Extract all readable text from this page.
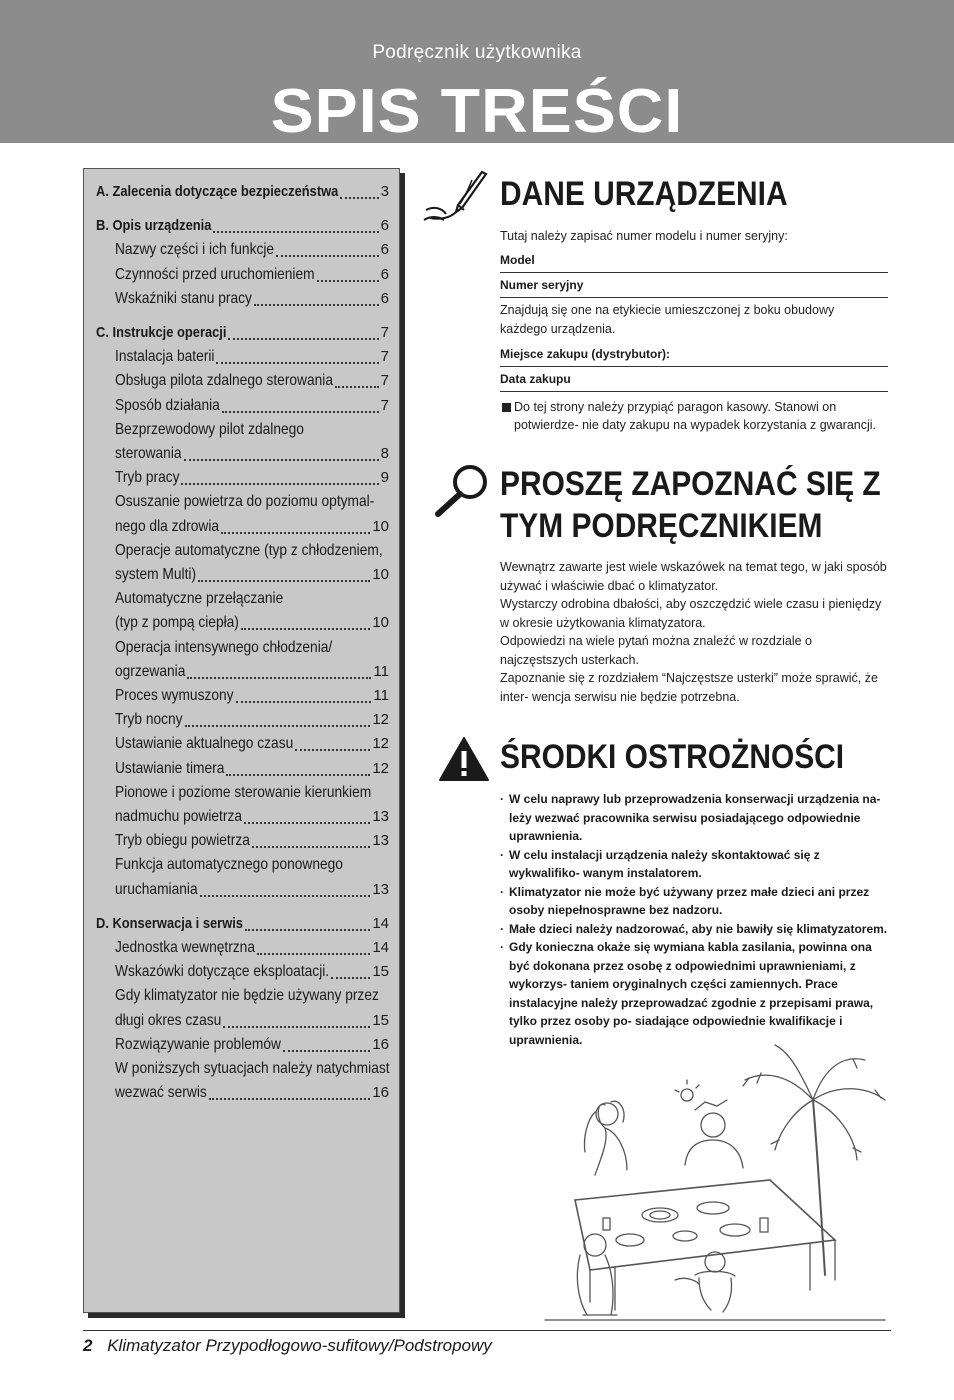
Podręcznik użytkownika
SPIS TREŚCI
A. Zalecenia dotyczące bezpieczeństwa	3
B. Opis urządzenia	6
Nazwy części i ich funkcje	6
Czynności przed uruchomieniem	6
Wskaźniki stanu pracy	6
C. Instrukcje operacji	7
Instalacja baterii	7
Obsługa pilota zdalnego sterowania	7
Sposób działania	7
Bezprzewodowy pilot zdalnego
sterowania	8
Tryb pracy	9
Osuszanie powietrza do poziomu optymal-
nego dla zdrowia	10
Operacje automatyczne (typ z chłodzeniem,
system Multi)	10
Automatyczne przełączanie
(typ z pompą ciepła)	10
Operacja intensywnego chłodzenia/
ogrzewania	11
Proces wymuszony	11
Tryb nocny	12
Ustawianie aktualnego czasu	12
Ustawianie timera	12
Pionowe i poziome sterowanie kierunkiem
nadmuchu powietrza	13
Tryb obiegu powietrza	13
Funkcja automatycznego ponownego
uruchamiania	13
D. Konserwacja i serwis	14
Jednostka wewnętrzna	14
Wskazówki dotyczące eksploatacji.	15
Gdy klimatyzator nie będzie używany przez
długi okres czasu	15
Rozwiązywanie problemów	16
W poniższych sytuacjach należy natychmiast
wezwać serwis	16
DANE URZĄDZENIA
Tutaj należy zapisać numer modelu i numer seryjny:
Model
Numer seryjny
Znajdują się one na etykiecie umieszczonej z boku obudowy każdego urządzenia.
Miejsce zakupu (dystrybutor):
Data zakupu
Do tej strony należy przypiąć paragon kasowy. Stanowi on potwierdze- nie daty zakupu na wypadek korzystania z gwarancji.
PROSZĘ ZAPOZNAĆ SIĘ Z
TYM PODRĘCZNIKIEM
Wewnątrz zawarte jest wiele wskazówek na temat tego, w jaki sposób używać i właściwie dbać o klimatyzator.
Wystarczy odrobina dbałości, aby oszczędzić wiele czasu i pieniędzy w okresie użytkowania klimatyzatora.
Odpowiedzi na wiele pytań można znaleźć w rozdziale o najczęstszych usterkach.
Zapoznanie się z rozdziałem “Najczęstsze usterki” może sprawić, że inter- wencja serwisu nie będzie potrzebna.
ŚRODKI OSTROŻNOŚCI
· W celu naprawy lub przeprowadzenia konserwacji urządzenia na- leży wezwać pracownika serwisu posiadającego odpowiednie uprawnienia.
· W celu instalacji urządzenia należy skontaktować się z wykwalifiko- wanym instalatorem.
· Klimatyzator nie może być używany przez małe dzieci ani przez osoby niepełnosprawne bez nadzoru.
· Małe dzieci należy nadzorować, aby nie bawiły się klimatyzatorem.
· Gdy konieczna okaże się wymiana kabla zasilania, powinna ona być dokonana przez osobę z odpowiednimi uprawnieniami, z wykorzys- taniem oryginalnych części zamiennych. Prace instalacyjne należy przeprowadzać zgodnie z przepisami prawa, tylko przez osoby po- siadające odpowiednie kwalifikacje i uprawnienia.
2 Klimatyzator Przypodłogowo-sufitowy/Podstropowy
